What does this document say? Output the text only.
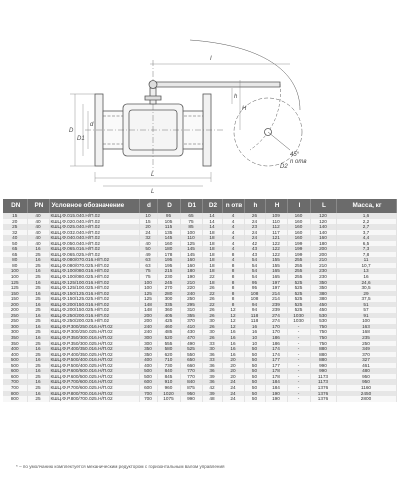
D
D1
d
D2
h
H
I
L
L
45°
n отв
DN	PN	Условное обозначение	d	D	D1	D2	n отв	h	H	I	L	Масса, кг
15	40	КШЦ.Ф.015.040.Н/П.02	10	95	65	14	4	26	109	160	120	1,6
20	40	КШЦ.Ф.020.040.Н/П.02	15	105	75	14	4	24	110	160	120	2,2
25	40	КШЦ.Ф.025.040.Н/П.02	20	115	85	14	4	23	112	160	140	2,7
32	40	КШЦ.Ф.032.040.Н/П.02	24	135	100	18	4	24	117	160	140	3,7
40	40	КШЦ.Ф.040.040.Н/П.02	32	145	110	18	4	24	121	160	160	4,4
50	40	КШЦ.Ф.050.040.Н/П.02	40	160	125	18	4	42	122	199	180	6,5
65	16	КШЦ.Ф.065.016.Н/П.02	50	180	145	18	4	43	122	199	200	7,3
65	25	КШЦ.Ф.065.025.Н/П.02	49	178	145	18	8	43	122	199	200	7,8
80	16	КШЦ.Ф.080/070.016.Н/П.02	63	195	160	18	4	54	155	255	210	11
80	25	КШЦ.Ф.080/070.025.Н/П.02	63	195	160	18	8	54	155	255	210	10,7
100	16	КШЦ.Ф.100/080.016.Н/П.02	75	215	180	18	8	54	165	255	230	13
100	25	КШЦ.Ф.100/080.025.Н/П.02	75	230	190	22	8	54	165	255	230	16
125	16	КШЦ.Ф.125/100.016.Н/П.02	100	245	210	18	8	95	197	525	350	24,6
125	25	КШЦ.Ф.125/100.025.Н/П.02	100	270	220	26	8	95	197	525	350	30,5
150	16	КШЦ.Ф.150/125.016.Н/П.02	125	280	240	22	8	108	214	525	380	29
150	25	КШЦ.Ф.150/125.025.Н/П.02	125	300	250	26	8	108	214	525	380	37,5
200	16	КШЦ.Ф.200/150.016.Н/П.02	148	335	295	22	8	94	239	525	450	51
200	25	КШЦ.Ф.200/150.025.Н/П.02	148	360	310	26	12	94	239	525	450	57
250	16	КШЦ.Ф.250/200.016.Н/П.02	200	405	355	26	12	118	274	1030	530	91
250	25	КШЦ.Ф.250/200.025.Н/П.02	200	425	370	30	12	118	274	1030	530	100
300	16	КШЦ.Ф.Р.300/250.016.Н/П.02	240	460	410	26	12	16	170	-	750	163
300	25	КШЦ.Ф.Р.300/250.025.Н/П.02	240	485	430	30	16	16	170	-	750	168
350	16	КШЦ.Ф.Р.350/300.016.Н/П.02	300	520	470	26	16	10	186	-	750	235
350	25	КШЦ.Ф.Р.350/300.025.Н/П.02	300	555	490	33	16	10	186	-	750	250
400	16	КШЦ.Ф.Р.400/350.016.Н/П.02	350	580	525	30	16	50	174	-	880	349
400	25	КШЦ.Ф.Р.400/350.025.Н/П.02	350	620	550	36	16	50	174	-	880	370
500	16	КШЦ.Ф.Р.500/400.016.Н/П.02	400	710	650	33	20	50	177	-	880	327
500	25	КШЦ.Ф.Р.500/400.025.Н/П.02	400	730	660	36	20	50	177	-	990	461
600	16	КШЦ.Ф.Р.600/500.016.Н/П.02	500	840	770	36	20	50	178	-	990	480
600	25	КШЦ.Ф.Р.600/500.025.Н/П.02	500	845	770	39	20	50	178	-	1173	950
700	16	КШЦ.Ф.Р.700/600.016.Н/П.02	600	910	840	36	24	50	184	-	1173	950
700	25	КШЦ.Ф.Р.700/600.025.Н/П.02	600	960	875	42	24	50	184	-	1376	1160
800	16	КШЦ.Ф.Р.800/700.016.Н/П.02	700	1020	950	39	24	50	190	-	1376	2450
800	25	КШЦ.Ф.Р.800/700.025.Н/П.02	700	1075	990	48	24	50	190	-	1376	2800
* – по умолчанию комплектуется механическим редуктором с горизонтальным валом управления
